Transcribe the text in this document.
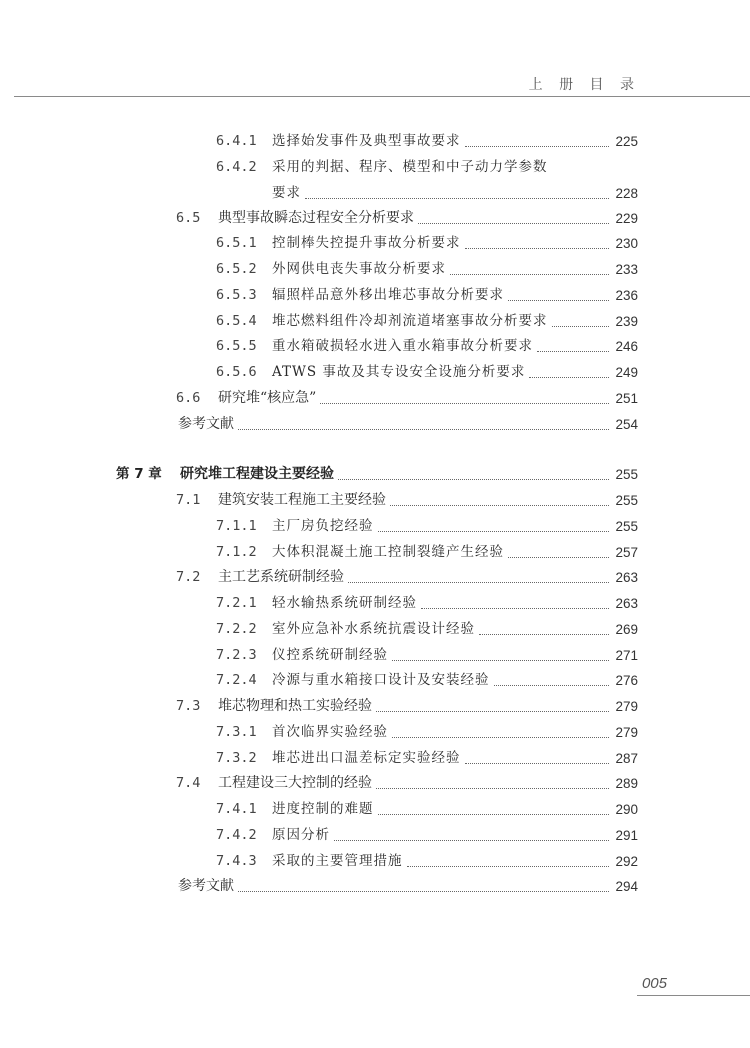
上 册 目 录
6.4.1 选择始发事件及典型事故要求	225
6.4.2 采用的判据、程序、模型和中子动力学参数
要求	228
6.5 典型事故瞬态过程安全分析要求	229
6.5.1 控制棒失控提升事故分析要求	230
6.5.2 外网供电丧失事故分析要求	233
6.5.3 辐照样品意外移出堆芯事故分析要求	236
6.5.4 堆芯燃料组件冷却剂流道堵塞事故分析要求	239
6.5.5 重水箱破损轻水进入重水箱事故分析要求	246
6.5.6 ATWS 事故及其专设安全设施分析要求	249
6.6 研究堆“核应急”	251
参考文献	254
第 7 章 研究堆工程建设主要经验	255
7.1 建筑安装工程施工主要经验	255
7.1.1 主厂房负挖经验	255
7.1.2 大体积混凝土施工控制裂缝产生经验	257
7.2 主工艺系统研制经验	263
7.2.1 轻水输热系统研制经验	263
7.2.2 室外应急补水系统抗震设计经验	269
7.2.3 仪控系统研制经验	271
7.2.4 冷源与重水箱接口设计及安装经验	276
7.3 堆芯物理和热工实验经验	279
7.3.1 首次临界实验经验	279
7.3.2 堆芯进出口温差标定实验经验	287
7.4 工程建设三大控制的经验	289
7.4.1 进度控制的难题	290
7.4.2 原因分析	291
7.4.3 采取的主要管理措施	292
参考文献	294
005
